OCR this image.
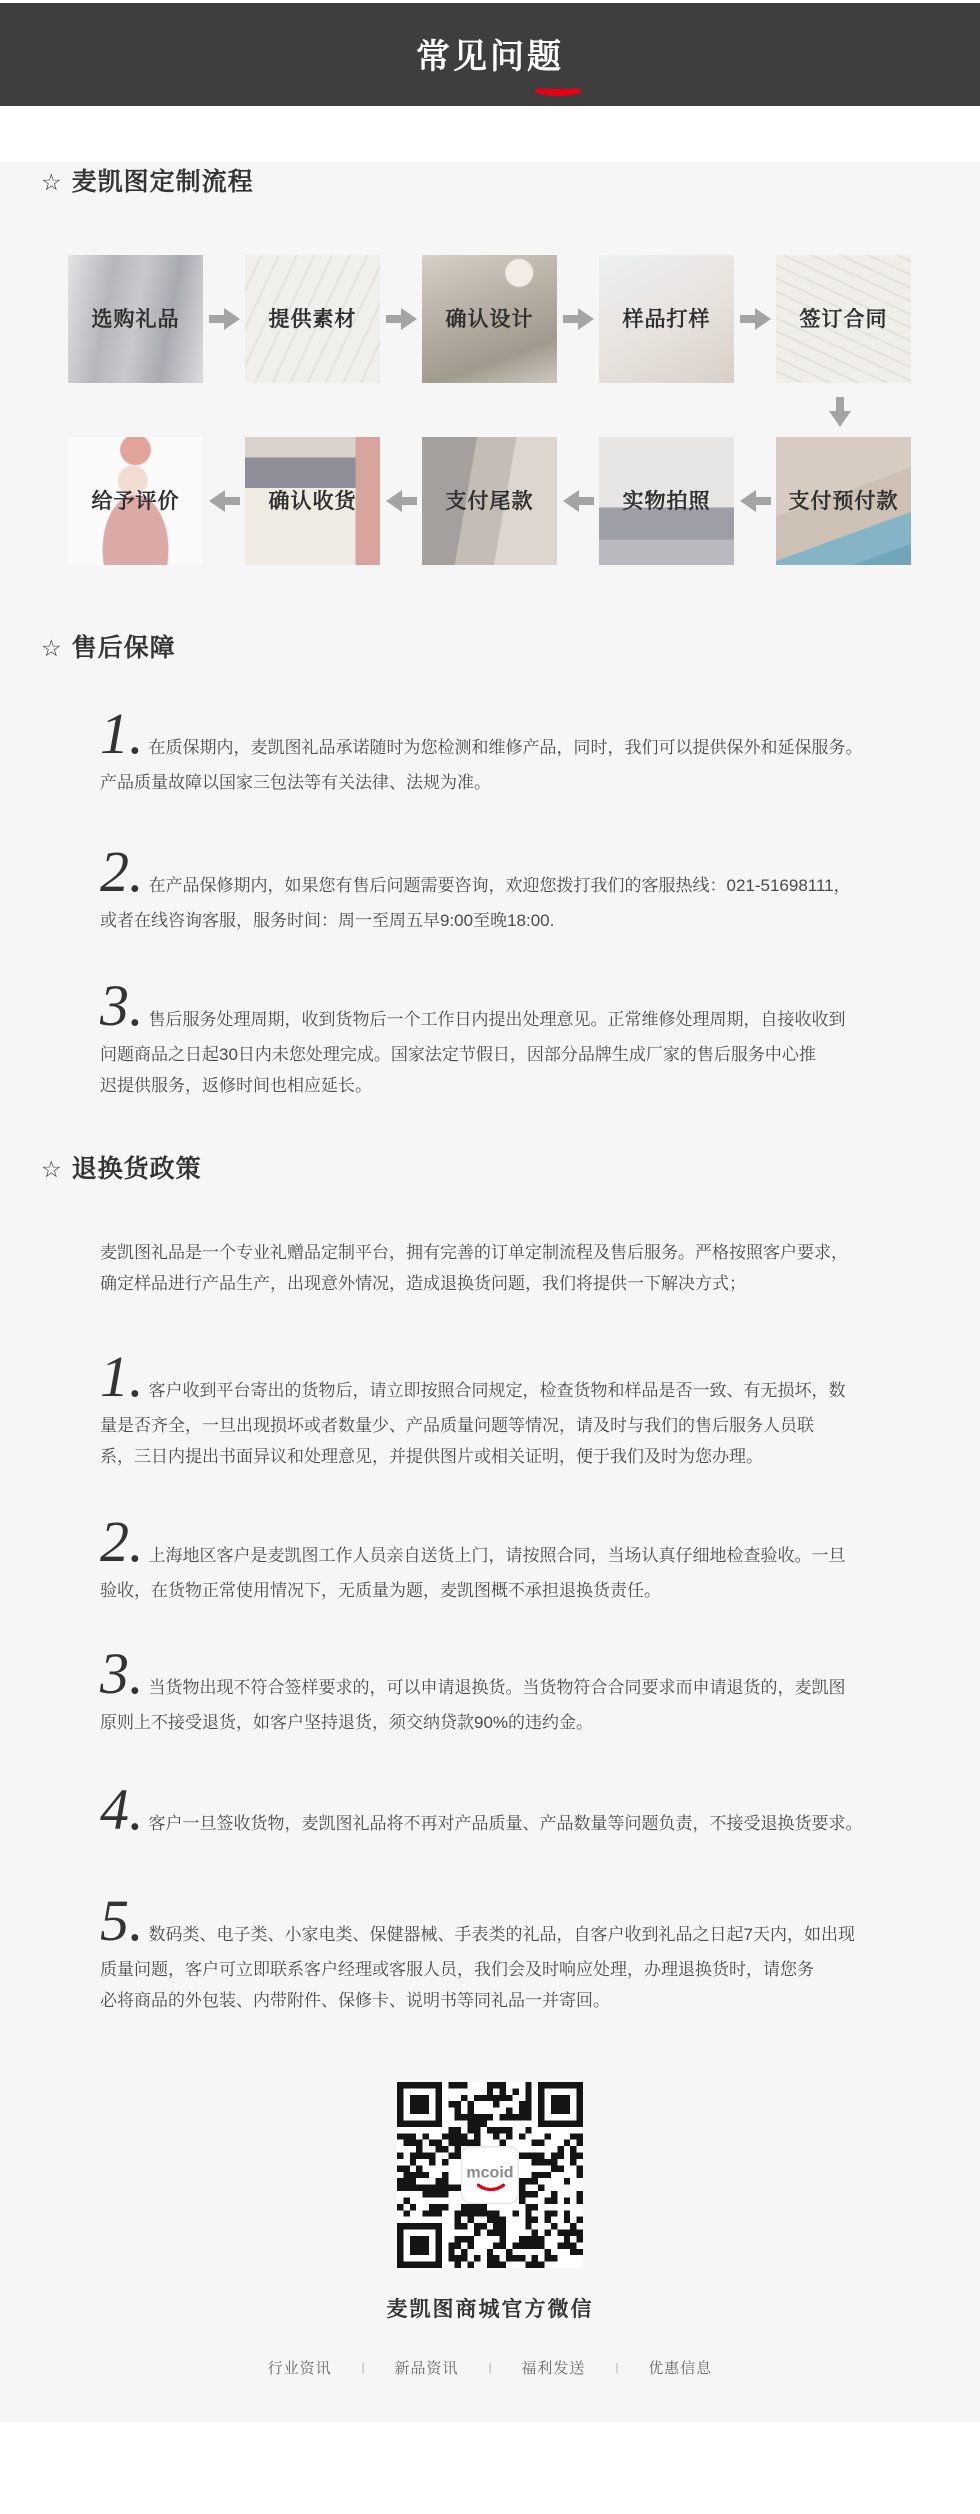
常见问题
☆ 麦凯图定制流程
选购礼品	提供素材	确认设计	样品打样	签订合同
给予评价	确认收货	支付尾款	实物拍照	支付预付款
☆ 售后保障

1. 在质保期内，麦凯图礼品承诺随时为您检测和维修产品，同时，我们可以提供保外和延保服务。

产品质量故障以国家三包法等有关法律、法规为准。

2. 在产品保修期内，如果您有售后问题需要咨询，欢迎您拨打我们的客服热线：021-51698111，

或者在线咨询客服，服务时间：周一至周五早9:00至晚18:00.

3. 售后服务处理周期，收到货物后一个工作日内提出处理意见。正常维修处理周期，自接收收到

问题商品之日起30日内未您处理完成。国家法定节假日，因部分品牌生成厂家的售后服务中心推

迟提供服务，返修时间也相应延长。

☆ 退换货政策

麦凯图礼品是一个专业礼赠品定制平台，拥有完善的订单定制流程及售后服务。严格按照客户要求，

确定样品进行产品生产，出现意外情况，造成退换货问题，我们将提供一下解决方式；

1. 客户收到平台寄出的货物后，请立即按照合同规定，检查货物和样品是否一致、有无损坏，数

量是否齐全，一旦出现损坏或者数量少、产品质量问题等情况，请及时与我们的售后服务人员联

系，三日内提出书面异议和处理意见，并提供图片或相关证明，便于我们及时为您办理。

2. 上海地区客户是麦凯图工作人员亲自送货上门，请按照合同，当场认真仔细地检查验收。一旦

验收，在货物正常使用情况下，无质量为题，麦凯图概不承担退换货责任。

3. 当货物出现不符合签样要求的，可以申请退换货。当货物符合合同要求而申请退货的，麦凯图

原则上不接受退货，如客户坚持退货，须交纳贷款90%的违约金。

4. 客户一旦签收货物，麦凯图礼品将不再对产品质量、产品数量等问题负责，不接受退换货要求。

5. 数码类、电子类、小家电类、保健器械、手表类的礼品，自客户收到礼品之日起7天内，如出现

质量问题，客户可立即联系客户经理或客服人员，我们会及时响应处理，办理退换货时，请您务

必将商品的外包装、内带附件、保修卡、说明书等同礼品一并寄回。

mcoid
麦凯图商城官方微信
行业资讯	| 新品资讯	| 福利发送	| 优惠信息
